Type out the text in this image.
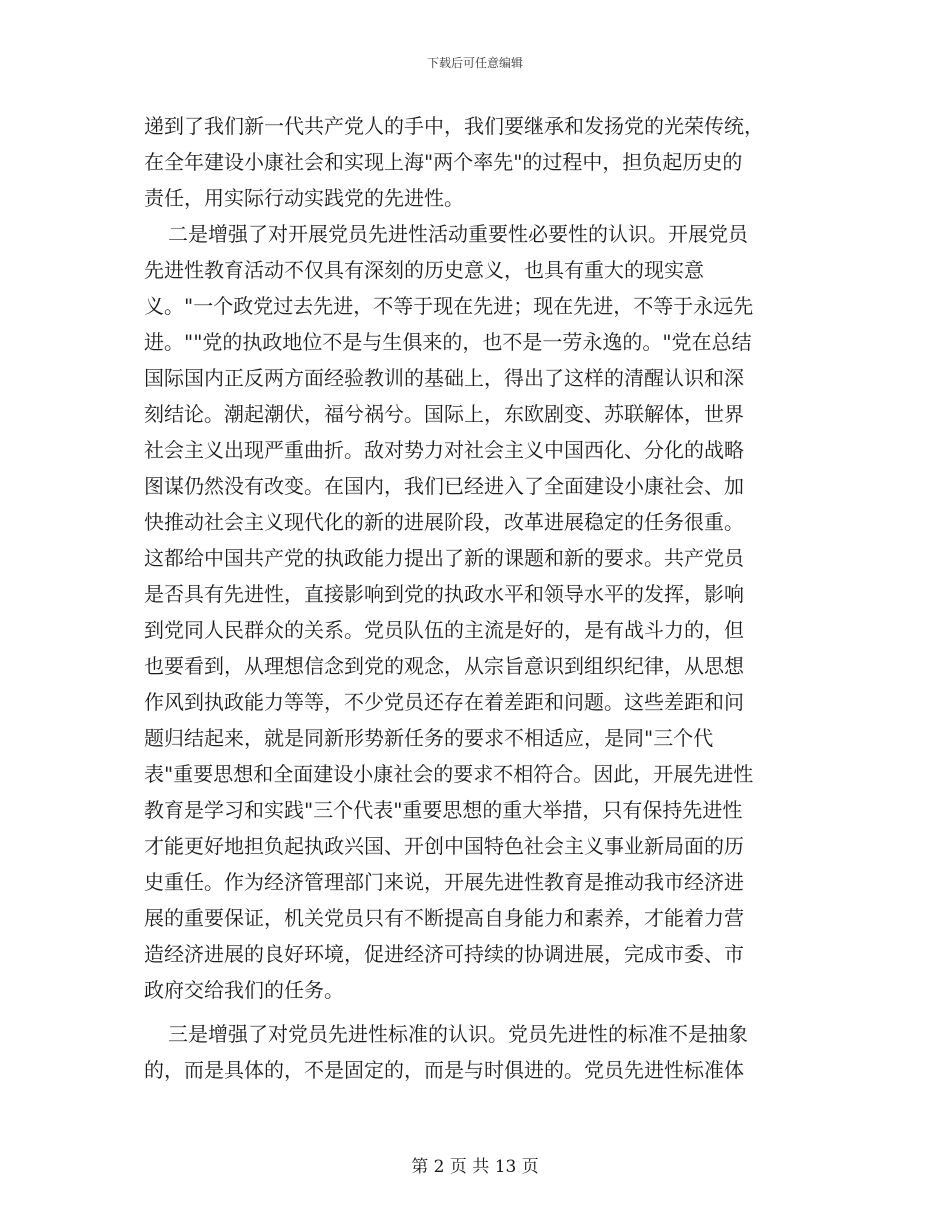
下载后可任意编辑
递到了我们新一代共产党人的手中，我们要继承和发扬党的光荣传统，
在全年建设小康社会和实现上海"两个率先"的过程中，担负起历史的
责任，用实际行动实践党的先进性。
二是增强了对开展党员先进性活动重要性必要性的认识。开展党员
先进性教育活动不仅具有深刻的历史意义，也具有重大的现实意
义。"一个政党过去先进，不等于现在先进；现在先进，不等于永远先
进。""党的执政地位不是与生俱来的，也不是一劳永逸的。"党在总结
国际国内正反两方面经验教训的基础上，得出了这样的清醒认识和深
刻结论。潮起潮伏，福兮祸兮。国际上，东欧剧变、苏联解体，世界
社会主义出现严重曲折。敌对势力对社会主义中国西化、分化的战略
图谋仍然没有改变。在国内，我们已经进入了全面建设小康社会、加
快推动社会主义现代化的新的进展阶段，改革进展稳定的任务很重。
这都给中国共产党的执政能力提出了新的课题和新的要求。共产党员
是否具有先进性，直接影响到党的执政水平和领导水平的发挥，影响
到党同人民群众的关系。党员队伍的主流是好的，是有战斗力的，但
也要看到，从理想信念到党的观念，从宗旨意识到组织纪律，从思想
作风到执政能力等等，不少党员还存在着差距和问题。这些差距和问
题归结起来，就是同新形势新任务的要求不相适应，是同"三个代
表"重要思想和全面建设小康社会的要求不相符合。因此，开展先进性
教育是学习和实践"三个代表"重要思想的重大举措，只有保持先进性
才能更好地担负起执政兴国、开创中国特色社会主义事业新局面的历
史重任。作为经济管理部门来说，开展先进性教育是推动我市经济进
展的重要保证，机关党员只有不断提高自身能力和素养，才能着力营
造经济进展的良好环境，促进经济可持续的协调进展，完成市委、市
政府交给我们的任务。
三是增强了对党员先进性标准的认识。党员先进性的标准不是抽象
的，而是具体的，不是固定的，而是与时俱进的。党员先进性标准体
第 2 页 共 13 页
